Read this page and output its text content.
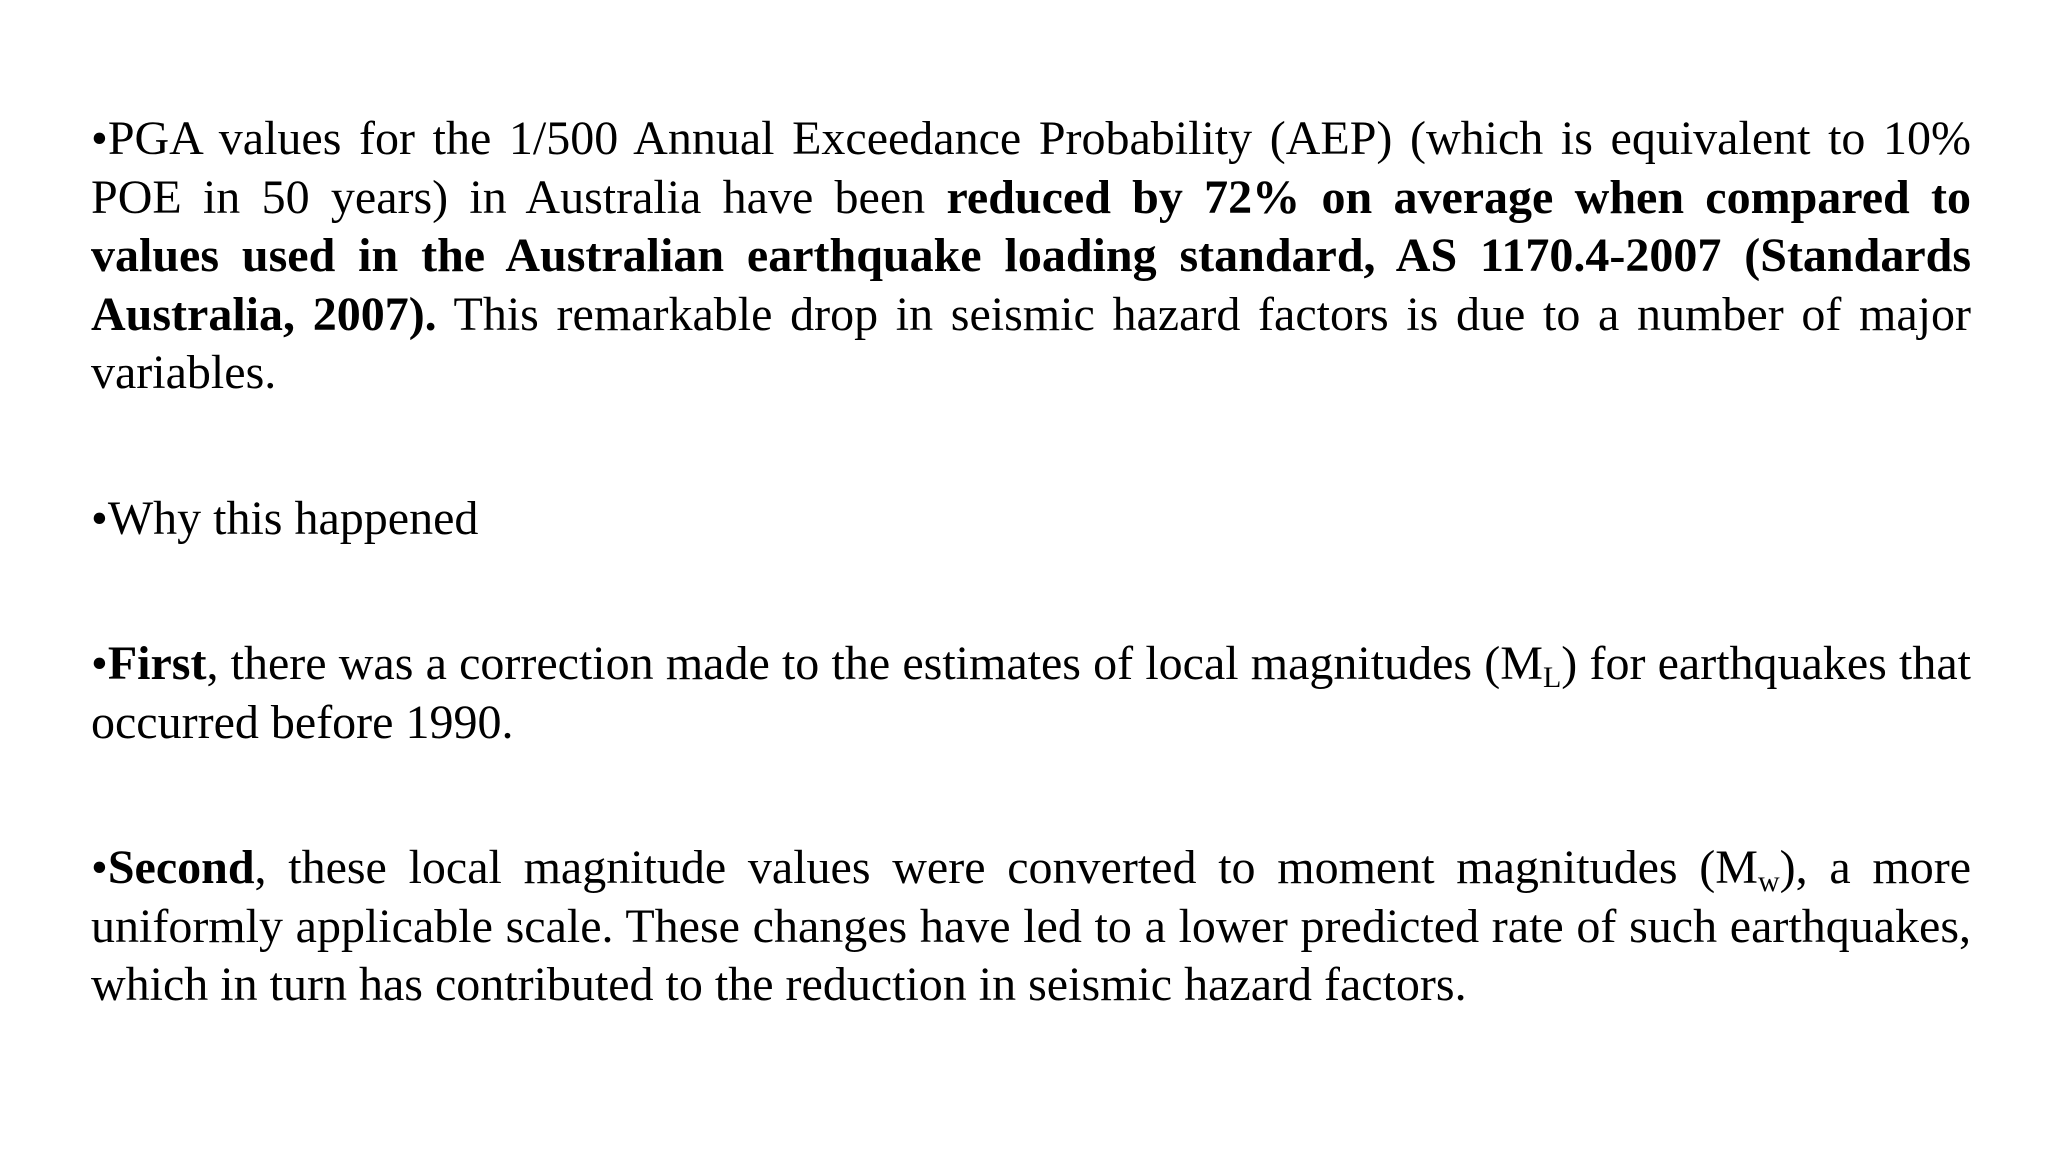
•PGA values for the 1/500 Annual Exceedance Probability (AEP) (which is equivalent to 10% POE in 50 years) in Australia have been reduced by 72% on average when compared to values used in the Australian earthquake loading standard, AS 1170.4-2007 (Standards Australia, 2007). This remarkable drop in seismic hazard factors is due to a number of major variables.

•Why this happened

•First, there was a correction made to the estimates of local magnitudes $(M_L)$ for earthquakes that occurred before 1990.

•Second, these local magnitude values were converted to moment magnitudes $(M_w)$, a more uniformly applicable scale. These changes have led to a lower predicted rate of such earthquakes, which in turn has contributed to the reduction in seismic hazard factors.
